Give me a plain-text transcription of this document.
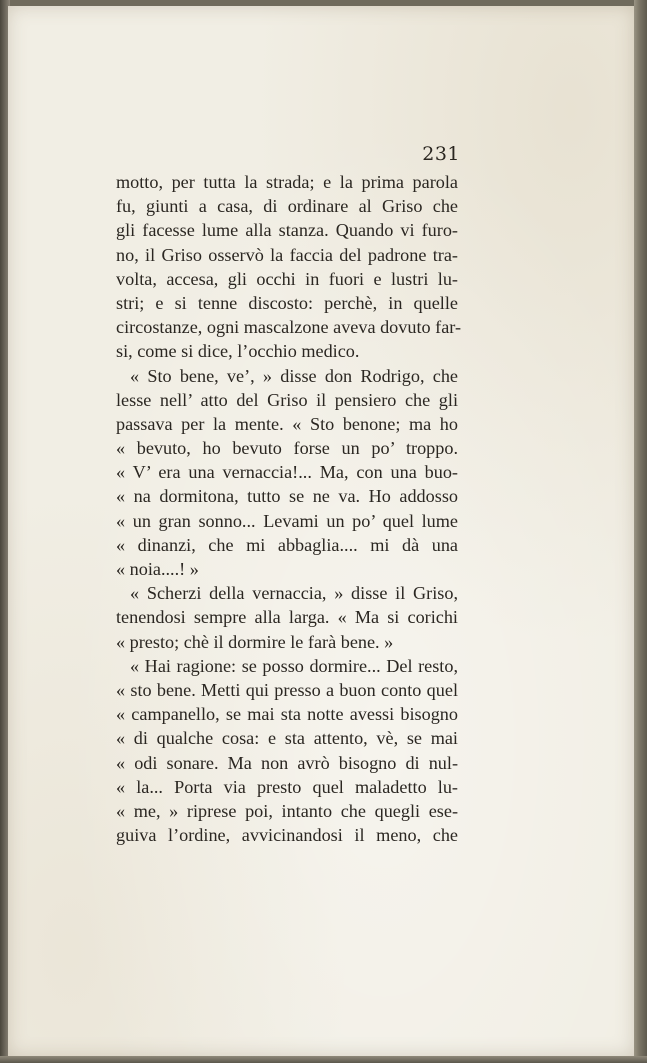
231
motto, per tutta la strada; e la prima parola
fu, giunti a casa, di ordinare al Griso che
gli facesse lume alla stanza. Quando vi furo-
no, il Griso osservò la faccia del padrone tra-
volta, accesa, gli occhi in fuori e lustri lu-
stri; e si tenne discosto: perchè, in quelle
circostanze, ogni mascalzone aveva dovuto far-
si, come si dice, l’occhio medico.
« Sto bene, ve’, » disse don Rodrigo, che
lesse nell’ atto del Griso il pensiero che gli
passava per la mente. « Sto benone; ma ho
« bevuto, ho bevuto forse un po’ troppo.
« V’ era una vernaccia!... Ma, con una buo-
« na dormitona, tutto se ne va. Ho addosso
« un gran sonno... Levami un po’ quel lume
« dinanzi, che mi abbaglia.... mi dà una
« noia....! »
« Scherzi della vernaccia, » disse il Griso,
tenendosi sempre alla larga. « Ma si corichi
« presto; chè il dormire le farà bene. »
« Hai ragione: se posso dormire... Del resto,
« sto bene. Metti qui presso a buon conto quel
« campanello, se mai sta notte avessi bisogno
« di qualche cosa: e sta attento, vè, se mai
« odi sonare. Ma non avrò bisogno di nul-
« la... Porta via presto quel maladetto lu-
« me, » riprese poi, intanto che quegli ese-
guiva l’ordine, avvicinandosi il meno, che
